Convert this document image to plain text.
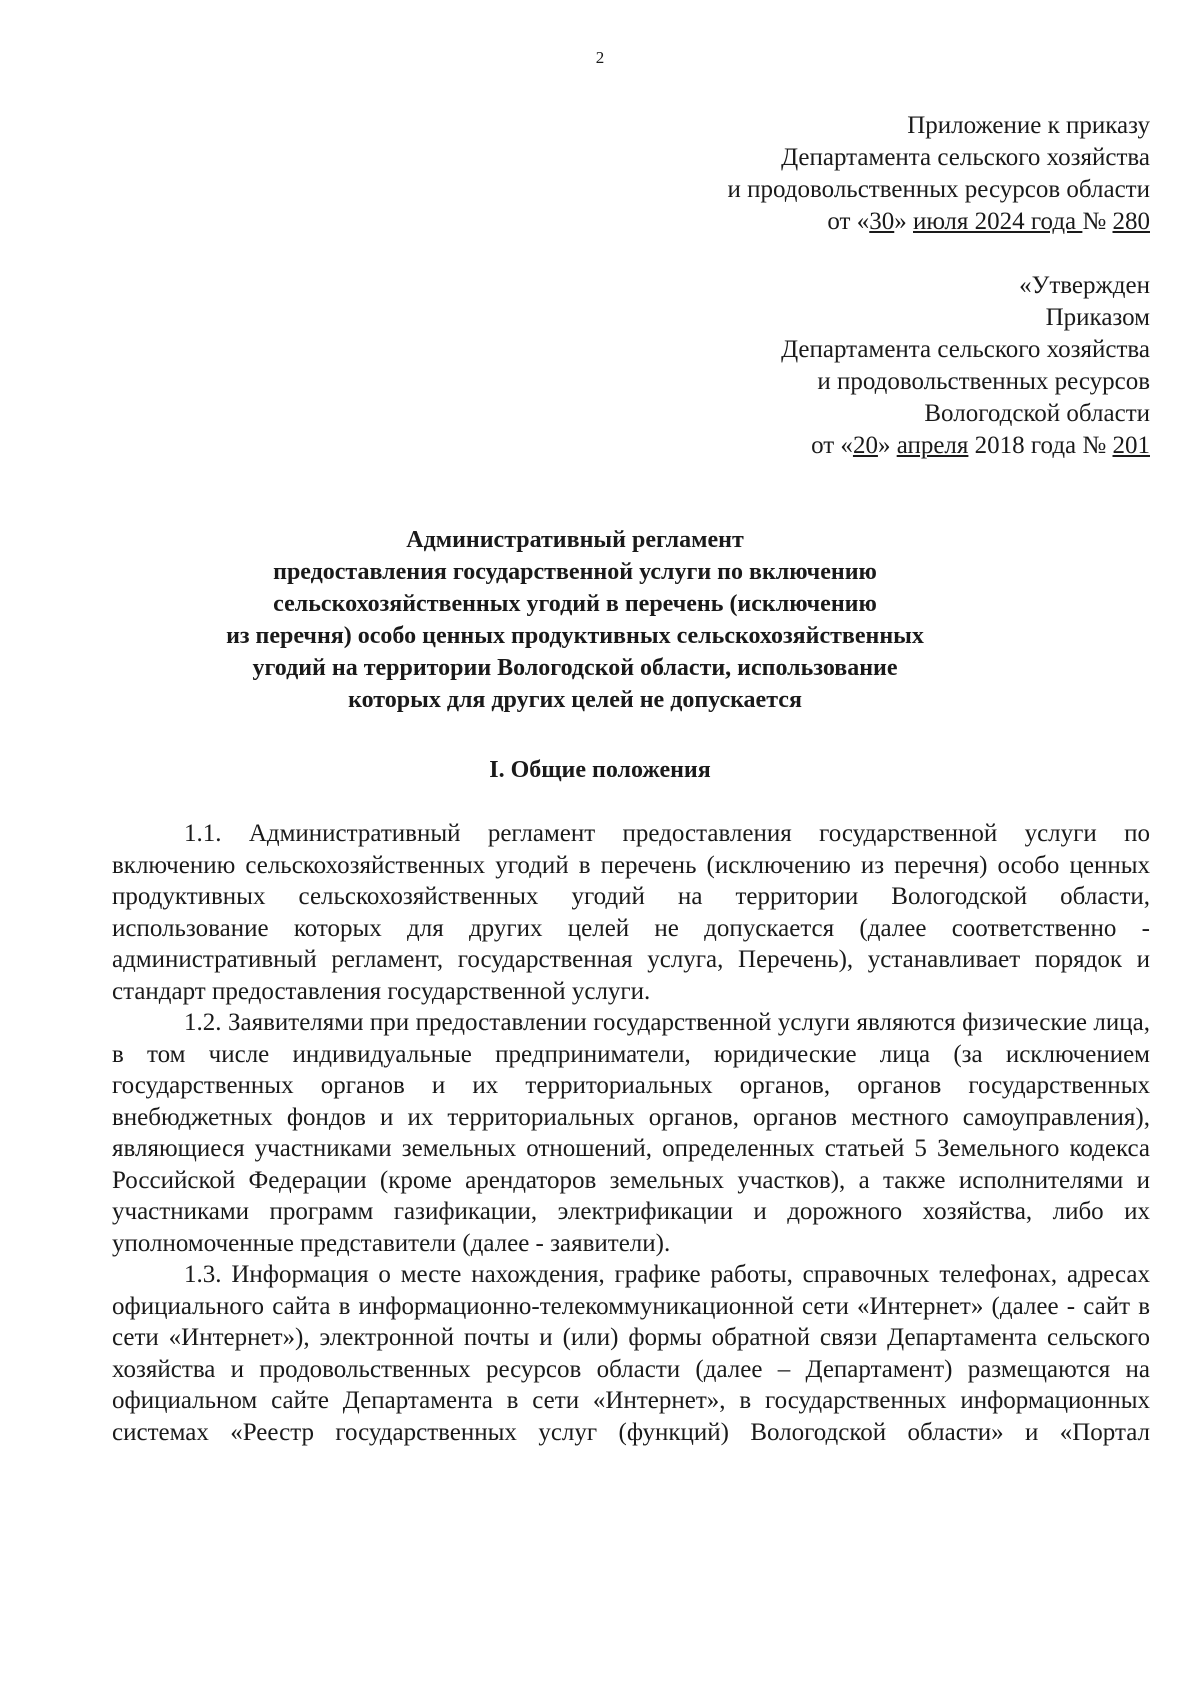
2
Приложение к приказу
Департамента сельского хозяйства
и продовольственных ресурсов области
от «30» июля 2024 года № 280
«Утвержден
Приказом
Департамента сельского хозяйства
и продовольственных ресурсов
Вологодской области
от «20» апреля 2018 года № 201
Административный регламент
предоставления государственной услуги по включению
сельскохозяйственных угодий в перечень (исключению
из перечня) особо ценных продуктивных сельскохозяйственных
угодий на территории Вологодской области, использование
которых для других целей не допускается
I. Общие положения

1.1. Административный регламент предоставления государственной услуги по включению сельскохозяйственных угодий в перечень (исключению из перечня) особо ценных продуктивных сельскохозяйственных угодий на территории Вологодской области, использование которых для других целей не допускается (далее соответственно - административный регламент, государственная услуга, Перечень), устанавливает порядок и стандарт предоставления государственной услуги.

1.2. Заявителями при предоставлении государственной услуги являются физические лица, в том числе индивидуальные предприниматели, юридические лица (за исключением государственных органов и их территориальных органов, органов государственных внебюджетных фондов и их территориальных органов, органов местного самоуправления), являющиеся участниками земельных отношений, определенных статьей 5 Земельного кодекса Российской Федерации (кроме арендаторов земельных участков), а также исполнителями и участниками программ газификации, электрификации и дорожного хозяйства, либо их уполномоченные представители (далее - заявители).

1.3. Информация о месте нахождения, графике работы, справочных телефонах, адресах официального сайта в информационно-телекоммуникационной сети «Интернет» (далее - сайт в сети «Интернет»), электронной почты и (или) формы обратной связи Департамента сельского хозяйства и продовольственных ресурсов области (далее – Департамент) размещаются на официальном сайте Департамента в сети «Интернет», в государственных информационных системах «Реестр государственных услуг (функций) Вологодской области» и «Портал
